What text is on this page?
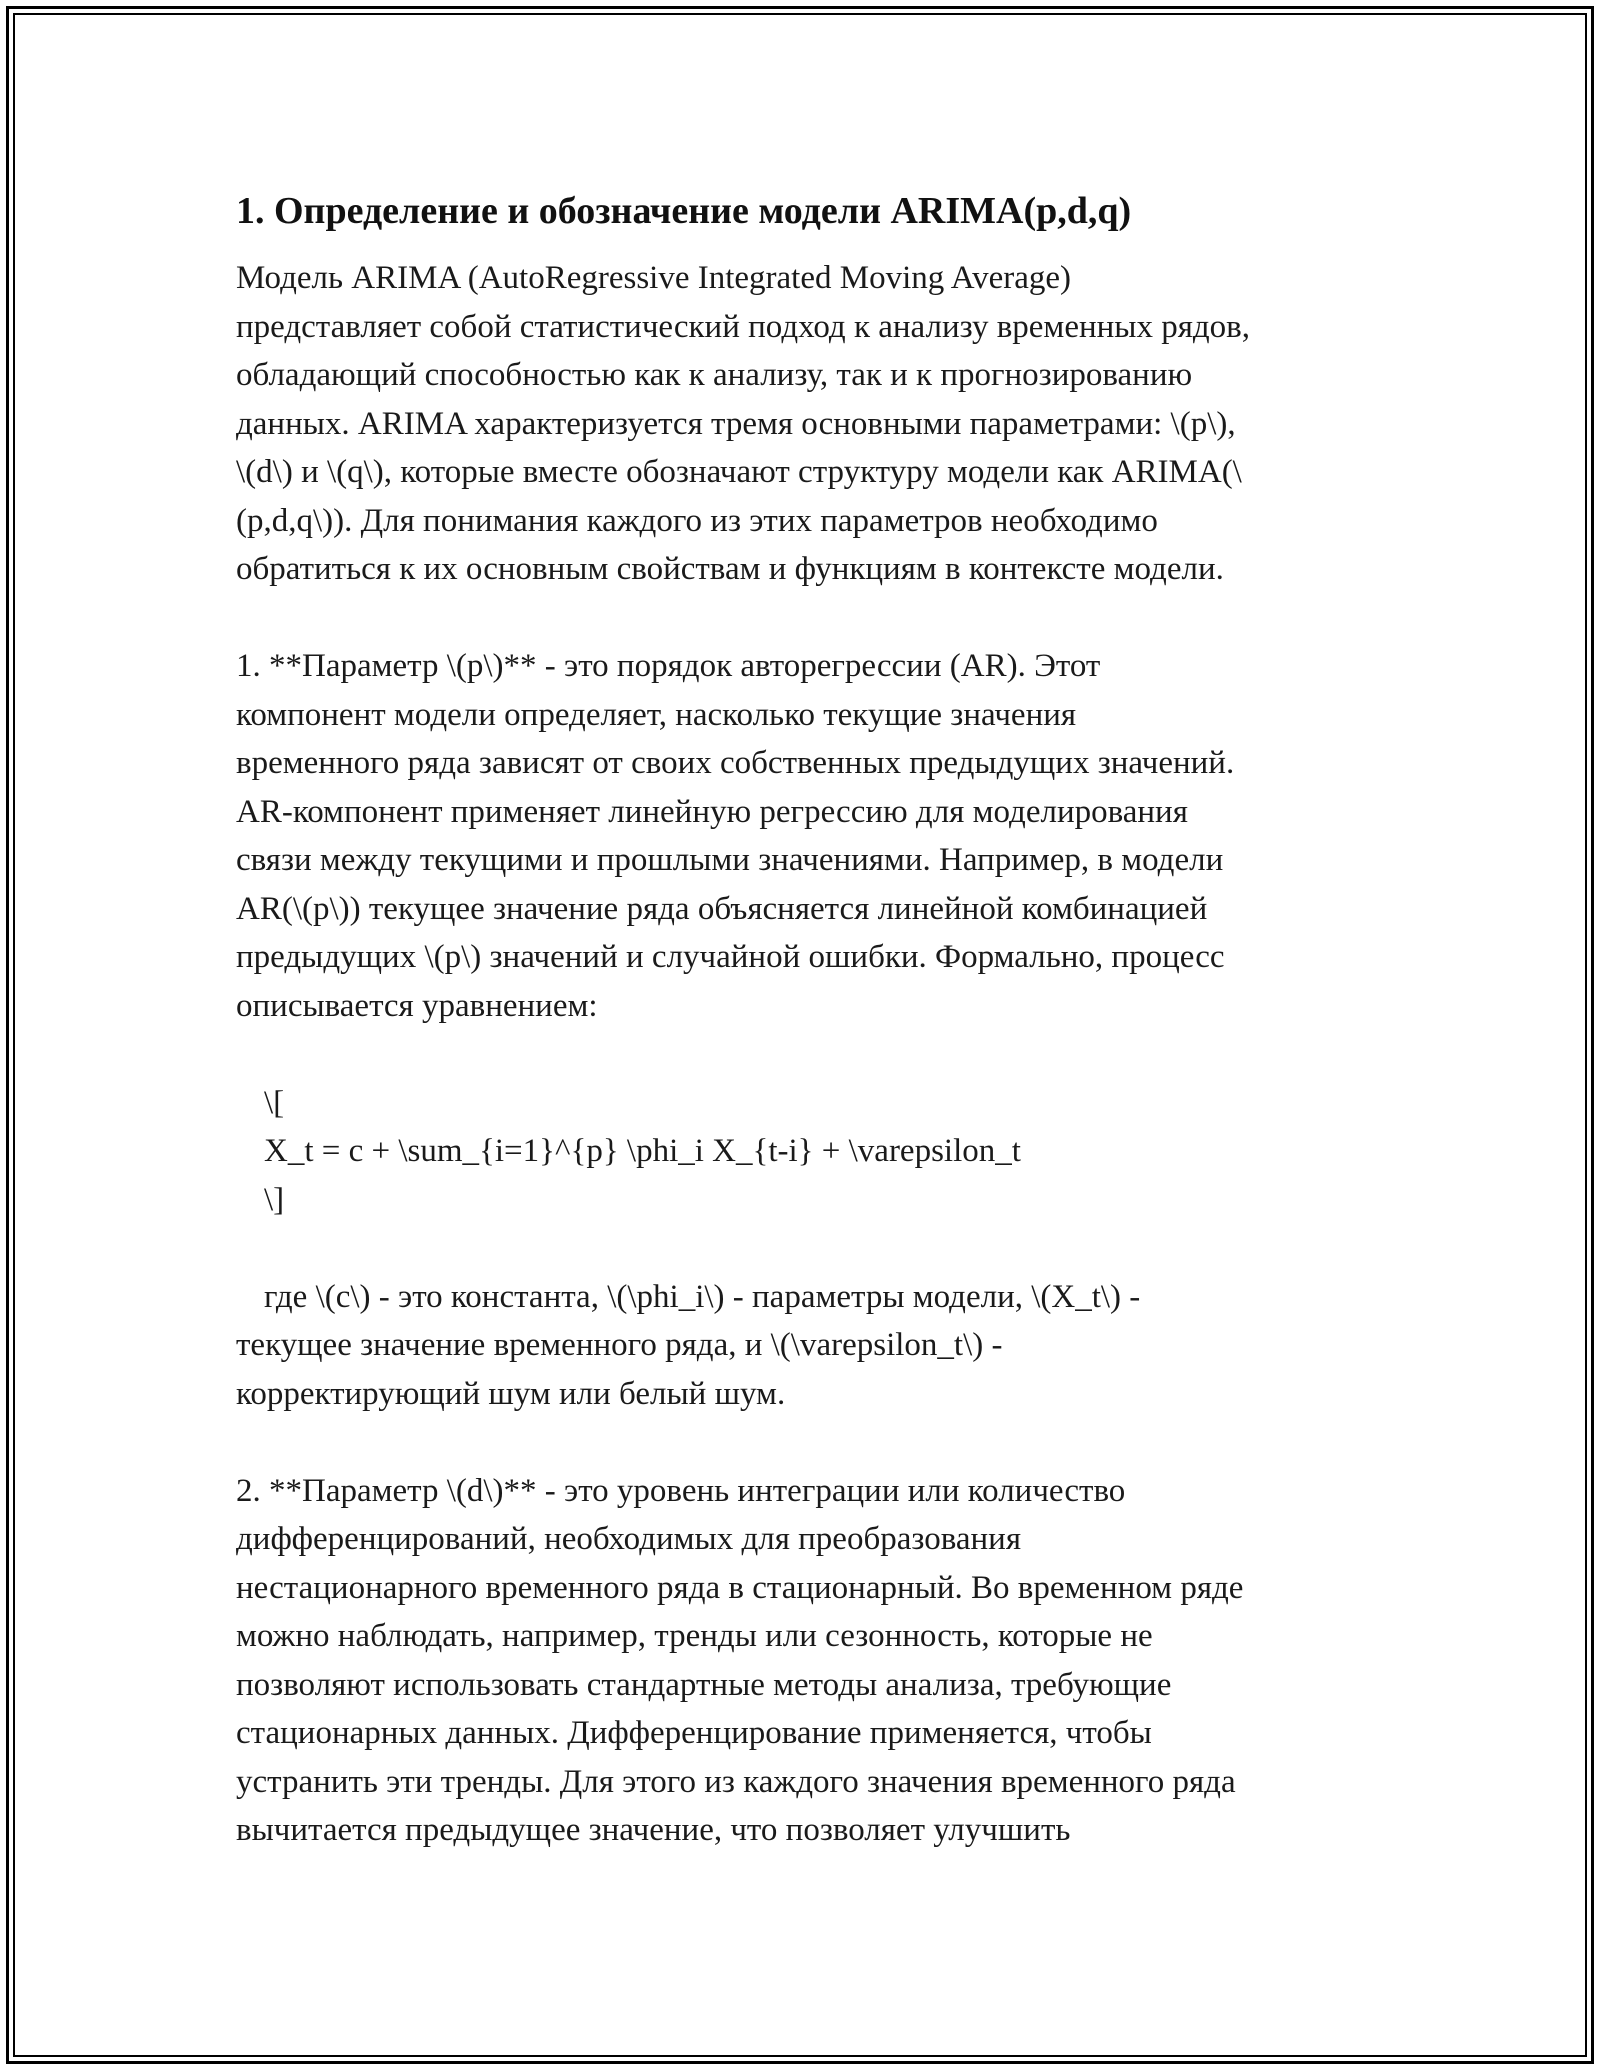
1. Определение и обозначение модели ARIMA(p,d,q)

Модель ARIMA (AutoRegressive Integrated Moving Average)

представляет собой статистический подход к анализу временных рядов,

обладающий способностью как к анализу, так и к прогнозированию

данных. ARIMA характеризуется тремя основными параметрами: \(p\),

\(d\) и \(q\), которые вместе обозначают структуру модели как ARIMA(\

(p,d,q\)). Для понимания каждого из этих параметров необходимо

обратиться к их основным свойствам и функциям в контексте модели.

1. **Параметр \(p\)** - это порядок авторегрессии (AR). Этот

компонент модели определяет, насколько текущие значения

временного ряда зависят от своих собственных предыдущих значений.

AR-компонент применяет линейную регрессию для моделирования

связи между текущими и прошлыми значениями. Например, в модели

AR(\(p\)) текущее значение ряда объясняется линейной комбинацией

предыдущих \(p\) значений и случайной ошибки. Формально, процесс

описывается уравнением:

\[

X_t = c + \sum_{i=1}^{p} \phi_i X_{t-i} + \varepsilon_t

\]

где \(c\) - это константа, \(\phi_i\) - параметры модели, \(X_t\) -

текущее значение временного ряда, и \(\varepsilon_t\) -

корректирующий шум или белый шум.

2. **Параметр \(d\)** - это уровень интеграции или количество

дифференцирований, необходимых для преобразования

нестационарного временного ряда в стационарный. Во временном ряде

можно наблюдать, например, тренды или сезонность, которые не

позволяют использовать стандартные методы анализа, требующие

стационарных данных. Дифференцирование применяется, чтобы

устранить эти тренды. Для этого из каждого значения временного ряда

вычитается предыдущее значение, что позволяет улучшить
